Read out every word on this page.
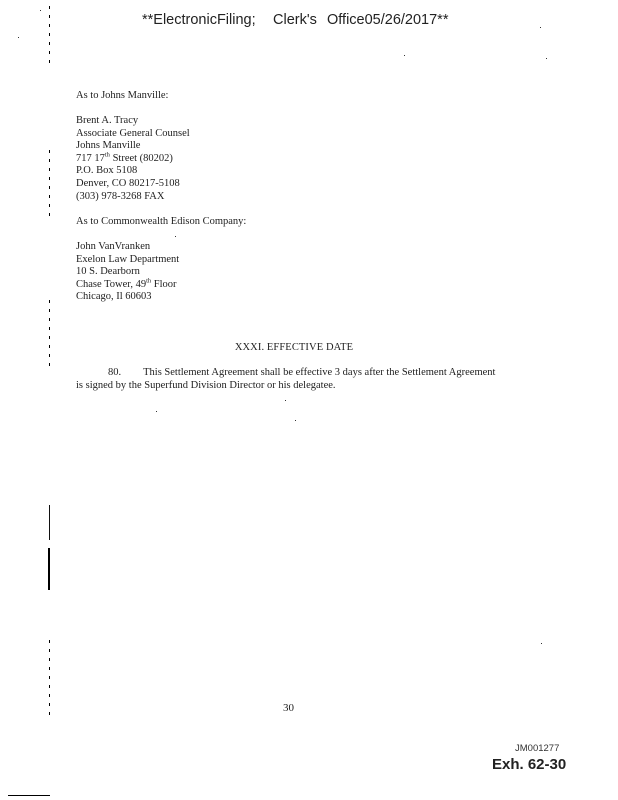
**ElectronicFiling; Clerk's Office05/26/2017**
As to Johns Manville:
Brent A. Tracy
Associate General Counsel
Johns Manville
717 17th Street (80202)
P.O. Box 5108
Denver, CO 80217-5108
(303) 978-3268 FAX
As to Commonwealth Edison Company:
John VanVranken
Exelon Law Department
10 S. Dearborn
Chase Tower, 49th Floor
Chicago, Il 60603
XXXI. EFFECTIVE DATE
80. This Settlement Agreement shall be effective 3 days after the Settlement Agreement
is signed by the Superfund Division Director or his delegatee.
30
JM001277
Exh. 62-30
